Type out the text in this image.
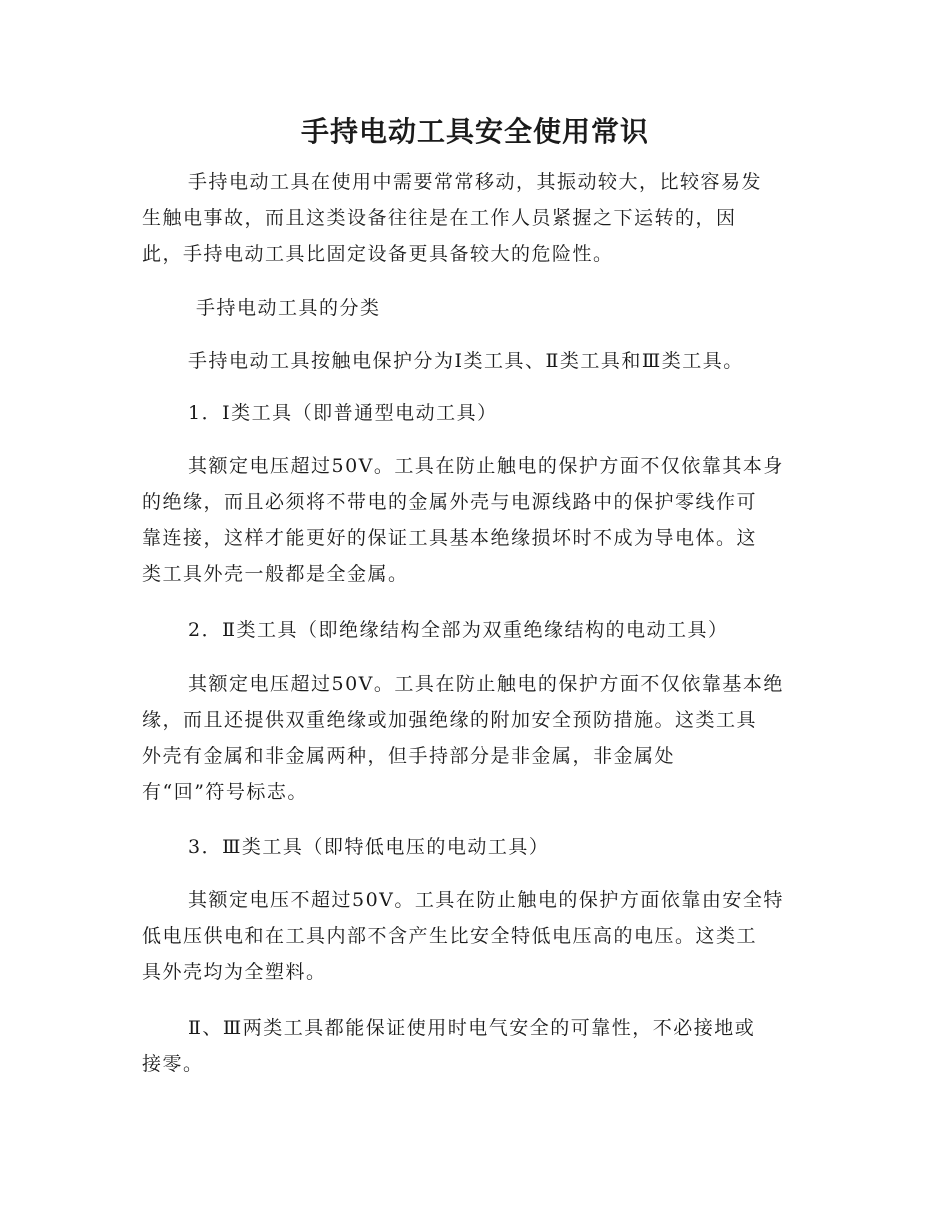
手持电动工具安全使用常识
手持电动工具在使用中需要常常移动，其振动较大，比较容易发
生触电事故，而且这类设备往往是在工作人员紧握之下运转的，因
此，手持电动工具比固定设备更具备较大的危险性。
手持电动工具的分类
手持电动工具按触电保护分为Ⅰ类工具、Ⅱ类工具和Ⅲ类工具。
1．Ⅰ类工具（即普通型电动工具）
其额定电压超过50V。工具在防止触电的保护方面不仅依靠其本身
的绝缘，而且必须将不带电的金属外壳与电源线路中的保护零线作可
靠连接，这样才能更好的保证工具基本绝缘损坏时不成为导电体。这
类工具外壳一般都是全金属。
2．Ⅱ类工具（即绝缘结构全部为双重绝缘结构的电动工具）
其额定电压超过50V。工具在防止触电的保护方面不仅依靠基本绝
缘，而且还提供双重绝缘或加强绝缘的附加安全预防措施。这类工具
外壳有金属和非金属两种，但手持部分是非金属，非金属处
有“回”符号标志。
3．Ⅲ类工具（即特低电压的电动工具）
其额定电压不超过50V。工具在防止触电的保护方面依靠由安全特
低电压供电和在工具内部不含产生比安全特低电压高的电压。这类工
具外壳均为全塑料。
Ⅱ、Ⅲ两类工具都能保证使用时电气安全的可靠性，不必接地或
接零。
